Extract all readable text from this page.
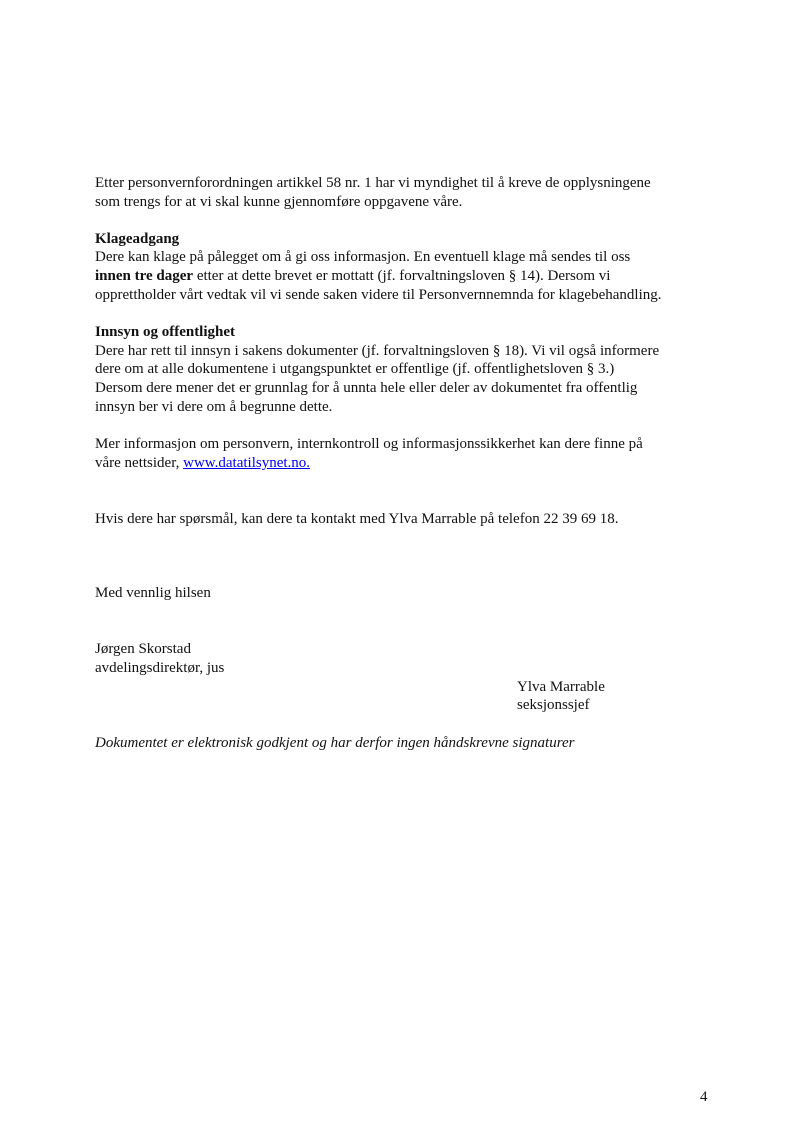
Etter personvernforordningen artikkel 58 nr. 1 har vi myndighet til å kreve de opplysningene
som trengs for at vi skal kunne gjennomføre oppgavene våre.
Klageadgang
Dere kan klage på pålegget om å gi oss informasjon. En eventuell klage må sendes til oss
innen tre dager etter at dette brevet er mottatt (jf. forvaltningsloven § 14). Dersom vi
opprettholder vårt vedtak vil vi sende saken videre til Personvernnemnda for klagebehandling.
Innsyn og offentlighet
Dere har rett til innsyn i sakens dokumenter (jf. forvaltningsloven § 18). Vi vil også informere
dere om at alle dokumentene i utgangspunktet er offentlige (jf. offentlighetsloven § 3.)
Dersom dere mener det er grunnlag for å unnta hele eller deler av dokumentet fra offentlig
innsyn ber vi dere om å begrunne dette.
Mer informasjon om personvern, internkontroll og informasjonssikkerhet kan dere finne på
våre nettsider, www.datatilsynet.no.
Hvis dere har spørsmål, kan dere ta kontakt med Ylva Marrable på telefon 22 39 69 18.
Med vennlig hilsen
Jørgen Skorstad
avdelingsdirektør, jus
Ylva Marrable
seksjonssjef
Dokumentet er elektronisk godkjent og har derfor ingen håndskrevne signaturer
4
